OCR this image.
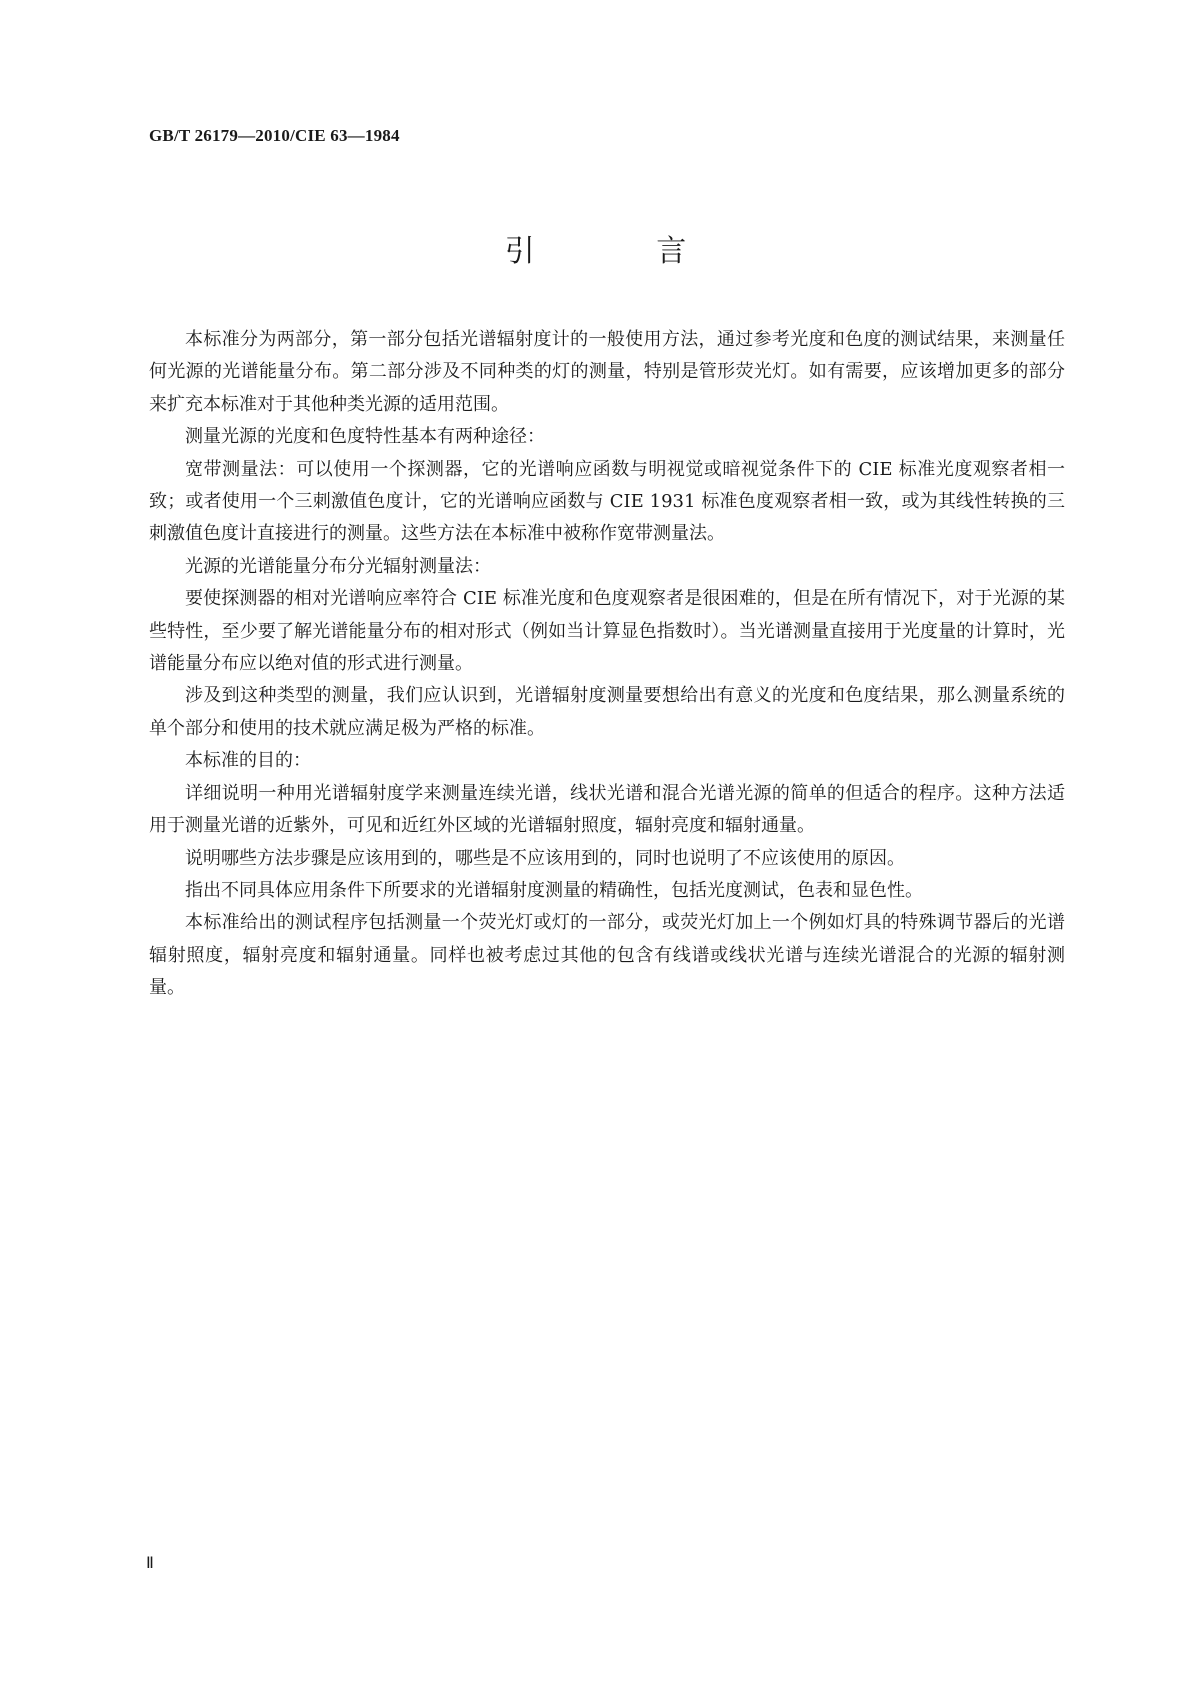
GB/T 26179—2010/CIE 63—1984
引 言

本标准分为两部分，第一部分包括光谱辐射度计的一般使用方法，通过参考光度和色度的测试结果，来测量任何光源的光谱能量分布。第二部分涉及不同种类的灯的测量，特别是管形荧光灯。如有需要，应该增加更多的部分来扩充本标准对于其他种类光源的适用范围。

测量光源的光度和色度特性基本有两种途径：

宽带测量法：可以使用一个探测器，它的光谱响应函数与明视觉或暗视觉条件下的 CIE 标准光度观察者相一致；或者使用一个三刺激值色度计，它的光谱响应函数与 CIE 1931 标准色度观察者相一致，或为其线性转换的三刺激值色度计直接进行的测量。这些方法在本标准中被称作宽带测量法。

光源的光谱能量分布分光辐射测量法：

要使探测器的相对光谱响应率符合 CIE 标准光度和色度观察者是很困难的，但是在所有情况下，对于光源的某些特性，至少要了解光谱能量分布的相对形式（例如当计算显色指数时）。当光谱测量直接用于光度量的计算时，光谱能量分布应以绝对值的形式进行测量。

涉及到这种类型的测量，我们应认识到，光谱辐射度测量要想给出有意义的光度和色度结果，那么测量系统的单个部分和使用的技术就应满足极为严格的标准。

本标准的目的：

详细说明一种用光谱辐射度学来测量连续光谱，线状光谱和混合光谱光源的简单的但适合的程序。这种方法适用于测量光谱的近紫外，可见和近红外区域的光谱辐射照度，辐射亮度和辐射通量。

说明哪些方法步骤是应该用到的，哪些是不应该用到的，同时也说明了不应该使用的原因。

指出不同具体应用条件下所要求的光谱辐射度测量的精确性，包括光度测试，色表和显色性。

本标准给出的测试程序包括测量一个荧光灯或灯的一部分，或荧光灯加上一个例如灯具的特殊调节器后的光谱辐射照度，辐射亮度和辐射通量。同样也被考虑过其他的包含有线谱或线状光谱与连续光谱混合的光源的辐射测量。

Ⅱ
